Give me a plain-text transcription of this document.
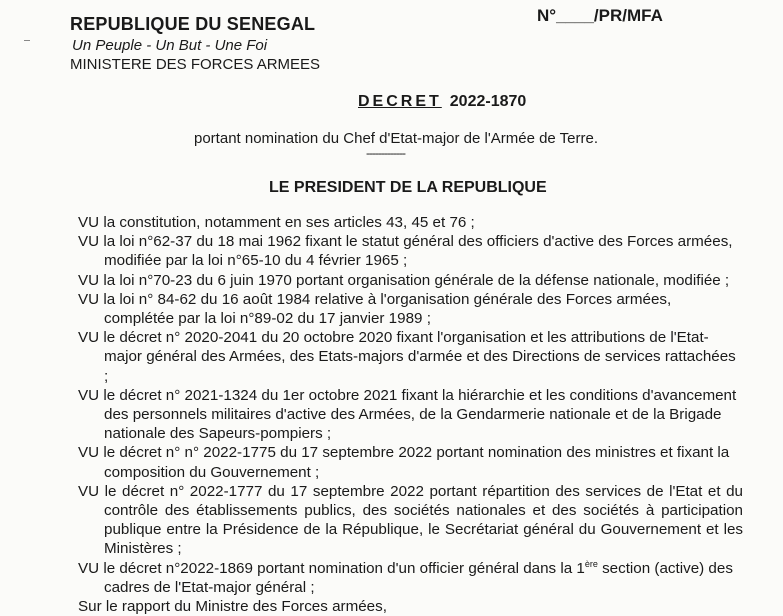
REPUBLIQUE DU SENEGAL
Un Peuple - Un But - Une Foi
MINISTERE DES FORCES ARMEES
N°____/PR/MFA
DECRET 2022-1870
portant nomination du Chef d'Etat-major de l'Armée de Terre.
-------------
LE PRESIDENT DE LA REPUBLIQUE
VU la constitution, notamment en ses articles 43, 45 et 76 ;
VU la loi n°62-37 du 18 mai 1962 fixant le statut général des officiers d'active des Forces armées, modifiée par la loi n°65-10 du 4 février 1965 ;
VU la loi n°70-23 du 6 juin 1970 portant organisation générale de la défense nationale, modifiée ;
VU la loi n° 84-62 du 16 août 1984 relative à l'organisation générale des Forces armées, complétée par la loi n°89-02 du 17 janvier 1989 ;
VU le décret n° 2020-2041 du 20 octobre 2020 fixant l'organisation et les attributions de l'Etat-major général des Armées, des Etats-majors d'armée et des Directions de services rattachées ;
VU le décret n° 2021-1324 du 1er octobre 2021 fixant la hiérarchie et les conditions d'avancement des personnels militaires d'active des Armées, de la Gendarmerie nationale et de la Brigade nationale des Sapeurs-pompiers ;
VU le décret n° n° 2022-1775 du 17 septembre 2022 portant nomination des ministres et fixant la composition du Gouvernement ;
VU le décret n° 2022-1777 du 17 septembre 2022 portant répartition des services de l'Etat et du contrôle des établissements publics, des sociétés nationales et des sociétés à participation publique entre la Présidence de la République, le Secrétariat général du Gouvernement et les Ministères ;
VU le décret n°2022-1869 portant nomination d'un officier général dans la 1ère section (active) des cadres de l'Etat-major général ;
Sur le rapport du Ministre des Forces armées,
